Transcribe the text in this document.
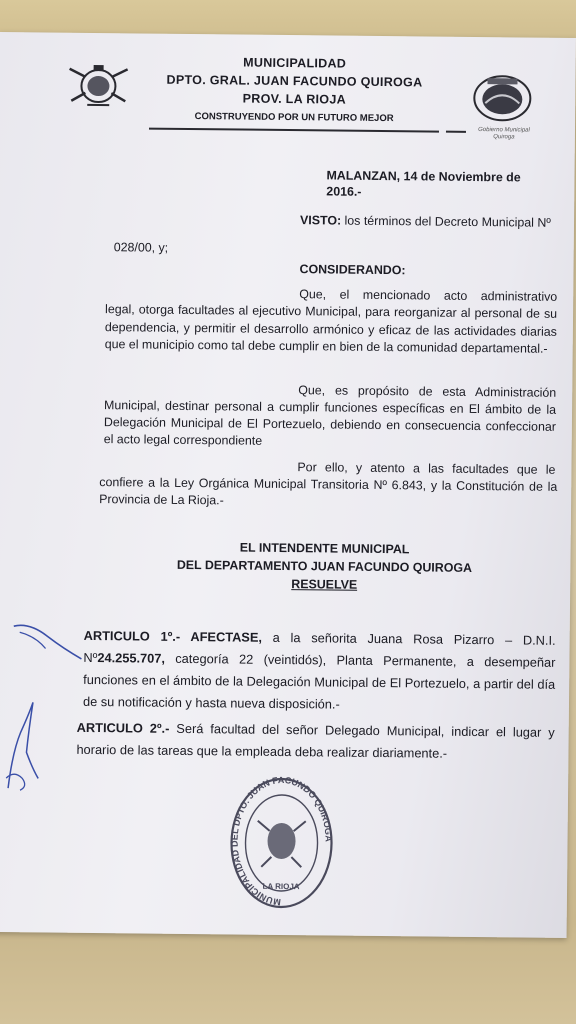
MUNICIPALIDAD
DPTO. GRAL. JUAN FACUNDO QUIROGA
PROV. LA RIOJA
CONSTRUYENDO POR UN FUTURO MEJOR
Gobierno Municipal Quiroga
MALANZAN, 14 de Noviembre de 2016.-
VISTO: los términos del Decreto Municipal Nº
028/00, y;
CONSIDERANDO:
Que, el mencionado acto administrativo
legal, otorga facultades al ejecutivo Municipal, para reorganizar al personal de su dependencia, y permitir el desarrollo armónico y eficaz de las actividades diarias que el municipio como tal debe cumplir en bien de la comunidad departamental.-
Que, es propósito de esta Administración
Municipal, destinar personal a cumplir funciones específicas en El ámbito de la Delegación Municipal de El Portezuelo, debiendo en consecuencia confeccionar el acto legal correspondiente
Por ello, y atento a las facultades que le
confiere a la Ley Orgánica Municipal Transitoria Nº 6.843, y la Constitución de la Provincia de La Rioja.-
EL INTENDENTE MUNICIPAL
DEL DEPARTAMENTO JUAN FACUNDO QUIROGA
RESUELVE
ARTICULO 1º.- AFECTASE, a la señorita Juana Rosa Pizarro – D.N.I. Nº24.255.707, categoría 22 (veintidós), Planta Permanente, a desempeñar funciones en el ámbito de la Delegación Municipal de El Portezuelo, a partir del día de su notificación y hasta nueva disposición.-
ARTICULO 2º.- Será facultad del señor Delegado Municipal, indicar el lugar y horario de las tareas que la empleada deba realizar diariamente.-
MUNICIPALIDAD DEL DPTO. JUAN FACUNDO QUIROGA
LA RIOJA
